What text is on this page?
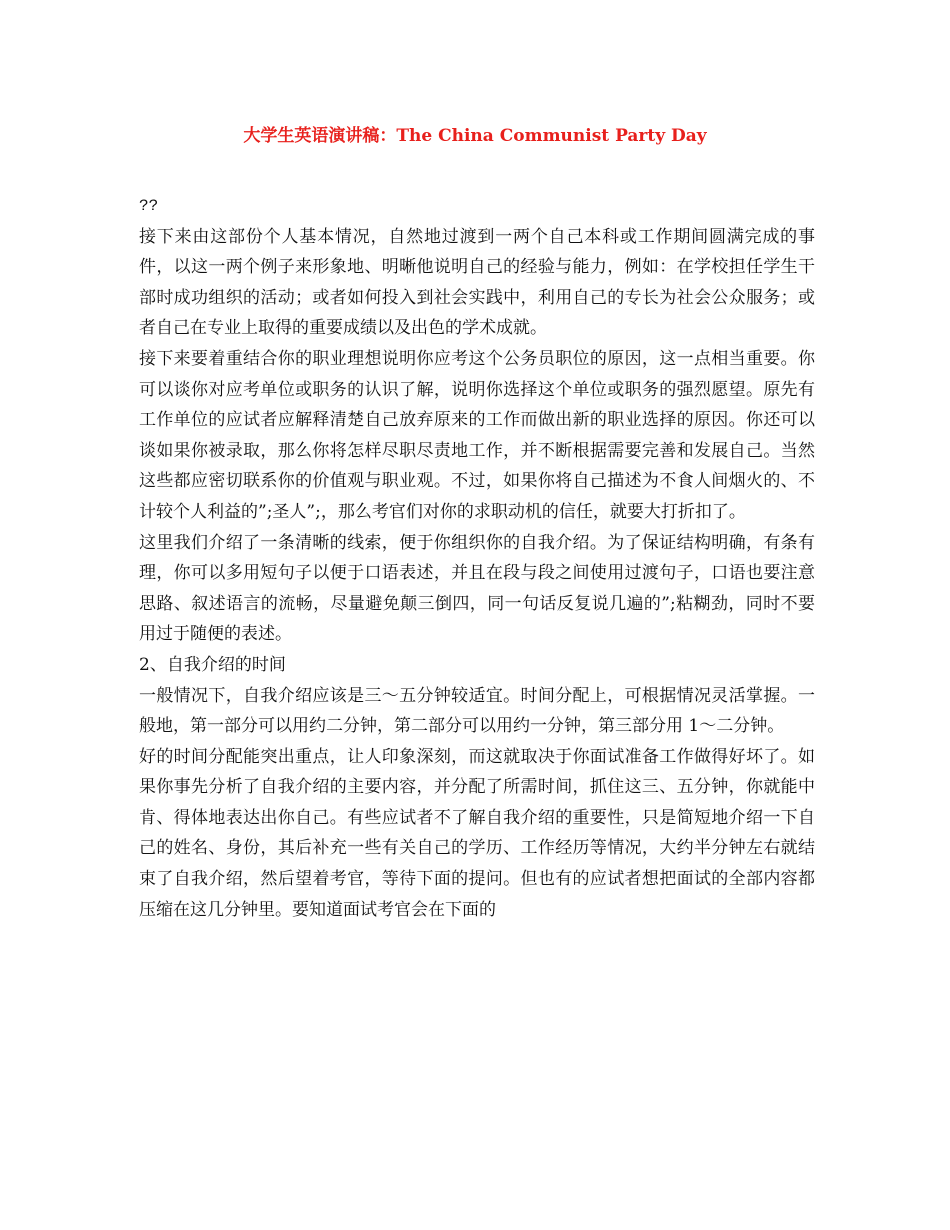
大学生英语演讲稿：The China Communist Party Day

??

接下来由这部份个人基本情况，自然地过渡到一两个自己本科或工作期间圆满完成的事件，以这一两个例子来形象地、明晰他说明自己的经验与能力，例如：在学校担任学生干部时成功组织的活动；或者如何投入到社会实践中，利用自己的专长为社会公众服务；或者自己在专业上取得的重要成绩以及出色的学术成就。

接下来要着重结合你的职业理想说明你应考这个公务员职位的原因，这一点相当重要。你可以谈你对应考单位或职务的认识了解，说明你选择这个单位或职务的强烈愿望。原先有工作单位的应试者应解释清楚自己放弃原来的工作而做出新的职业选择的原因。你还可以谈如果你被录取，那么你将怎样尽职尽责地工作，并不断根据需要完善和发展自己。当然这些都应密切联系你的价值观与职业观。不过，如果你将自己描述为不食人间烟火的、不计较个人利益的”;圣人”;，那么考官们对你的求职动机的信任，就要大打折扣了。

这里我们介绍了一条清晰的线索，便于你组织你的自我介绍。为了保证结构明确，有条有理，你可以多用短句子以便于口语表述，并且在段与段之间使用过渡句子，口语也要注意思路、叙述语言的流畅，尽量避免颠三倒四，同一句话反复说几遍的”;粘糊劲，同时不要用过于随便的表述。

2、自我介绍的时间

一般情况下，自我介绍应该是三～五分钟较适宜。时间分配上，可根据情况灵活掌握。一般地，第一部分可以用约二分钟，第二部分可以用约一分钟，第三部分用 1～二分钟。

好的时间分配能突出重点，让人印象深刻，而这就取决于你面试准备工作做得好坏了。如果你事先分析了自我介绍的主要内容，并分配了所需时间，抓住这三、五分钟，你就能中肯、得体地表达出你自己。有些应试者不了解自我介绍的重要性，只是简短地介绍一下自己的姓名、身份，其后补充一些有关自己的学历、工作经历等情况，大约半分钟左右就结束了自我介绍，然后望着考官，等待下面的提问。但也有的应试者想把面试的全部内容都压缩在这几分钟里。要知道面试考官会在下面的
